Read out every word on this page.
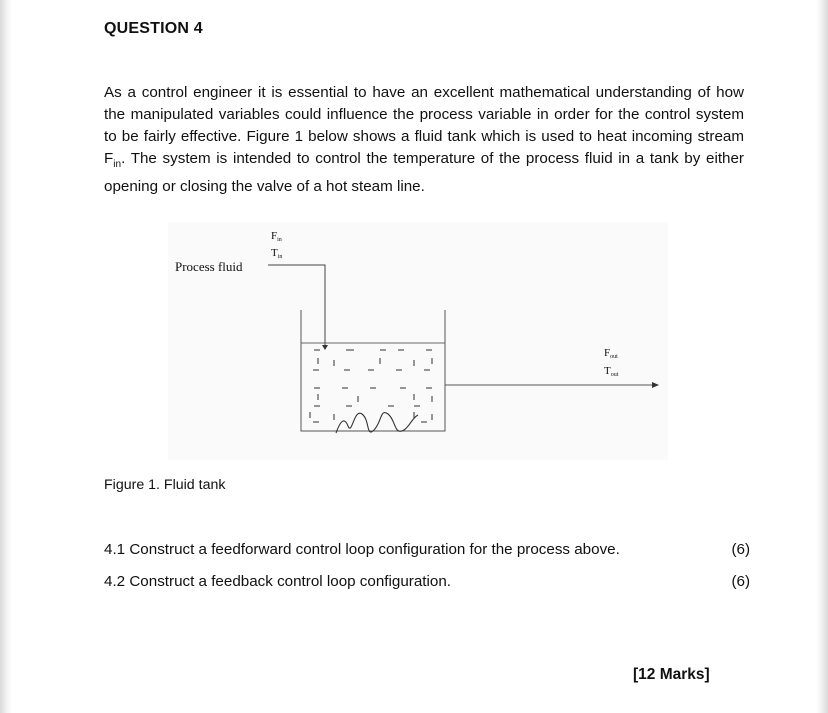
QUESTION 4
As a control engineer it is essential to have an excellent mathematical understanding of how the manipulated variables could influence the process variable in order for the control system to be fairly effective. Figure 1 below shows a fluid tank which is used to heat incoming stream $F_{in}$. The system is intended to control the temperature of the process fluid in a tank by either opening or closing the valve of a hot steam line.
Process fluid
Fin
Tin
Fout
Tout
Figure 1. Fluid tank
4.1 Construct a feedforward control loop configuration for the process above.	(6)
4.2 Construct a feedback control loop configuration.	(6)
[12 Marks]
